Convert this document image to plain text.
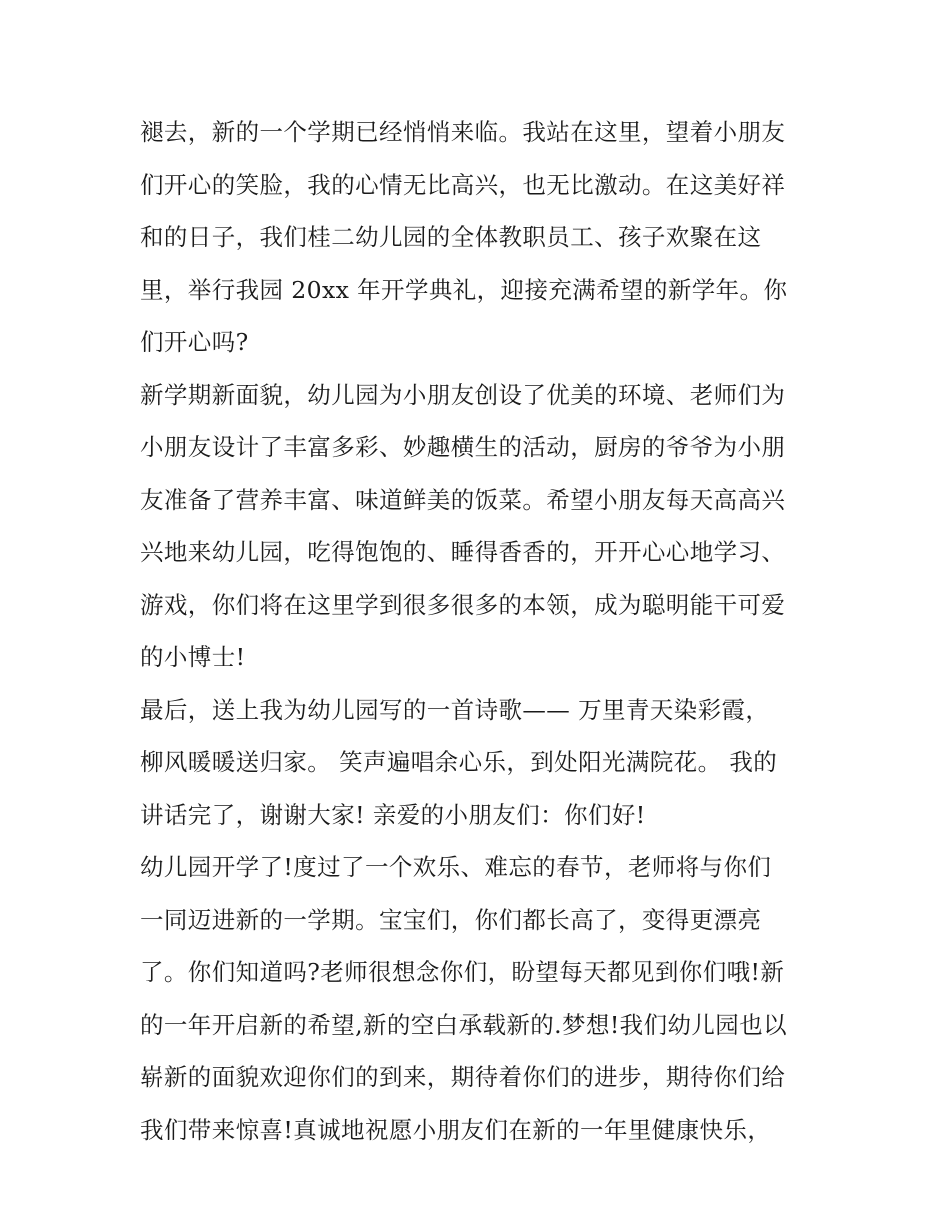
褪去，新的一个学期已经悄悄来临。我站在这里，望着小朋友
们开心的笑脸，我的心情无比高兴，也无比激动。在这美好祥
和的日子，我们桂二幼儿园的全体教职员工、孩子欢聚在这
里，举行我园 20xx 年开学典礼，迎接充满希望的新学年。你
们开心吗?
新学期新面貌，幼儿园为小朋友创设了优美的环境、老师们为
小朋友设计了丰富多彩、妙趣横生的活动，厨房的爷爷为小朋
友准备了营养丰富、味道鲜美的饭菜。希望小朋友每天高高兴
兴地来幼儿园，吃得饱饱的、睡得香香的，开开心心地学习、
游戏，你们将在这里学到很多很多的本领，成为聪明能干可爱
的小博士!
最后，送上我为幼儿园写的一首诗歌—— 万里青天染彩霞，
柳风暖暖送归家。 笑声遍唱余心乐，到处阳光满院花。 我的
讲话完了，谢谢大家! 亲爱的小朋友们：你们好!
幼儿园开学了!度过了一个欢乐、难忘的春节，老师将与你们
一同迈进新的一学期。宝宝们，你们都长高了，变得更漂亮
了。你们知道吗?老师很想念你们，盼望每天都见到你们哦!新
的一年开启新的希望,新的空白承载新的.梦想!我们幼儿园也以
崭新的面貌欢迎你们的到来，期待着你们的进步，期待你们给
我们带来惊喜!真诚地祝愿小朋友们在新的一年里健康快乐，
